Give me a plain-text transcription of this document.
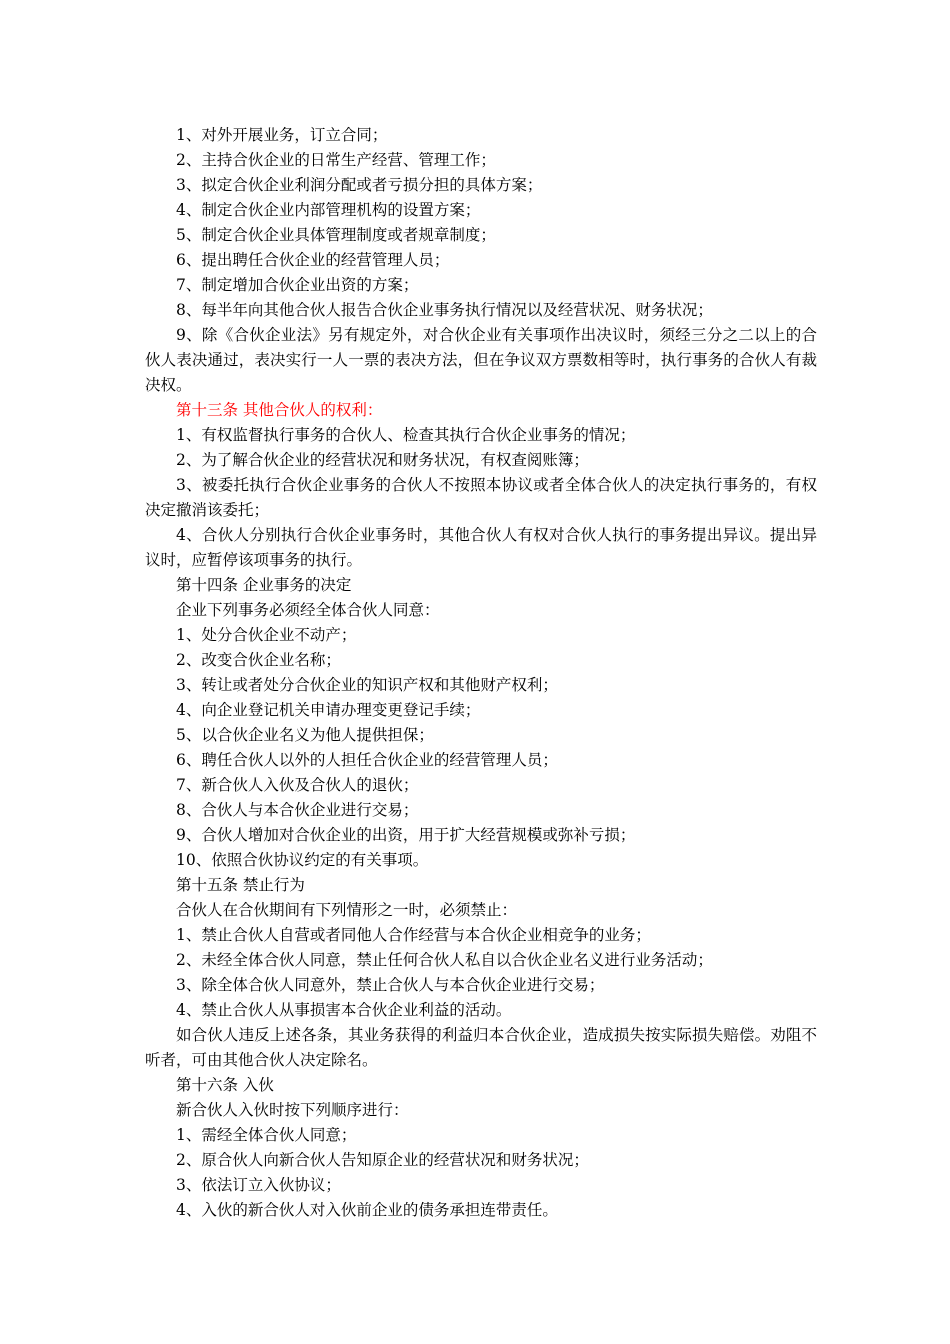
1、对外开展业务，订立合同；

2、主持合伙企业的日常生产经营、管理工作；

3、拟定合伙企业利润分配或者亏损分担的具体方案；

4、制定合伙企业内部管理机构的设置方案；

5、制定合伙企业具体管理制度或者规章制度；

6、提出聘任合伙企业的经营管理人员；

7、制定增加合伙企业出资的方案；

8、每半年向其他合伙人报告合伙企业事务执行情况以及经营状况、财务状况；

9、除《合伙企业法》另有规定外，对合伙企业有关事项作出决议时，须经三分之二以上的合伙人表决通过，表决实行一人一票的表决方法，但在争议双方票数相等时，执行事务的合伙人有裁决权。

第十三条 其他合伙人的权利：

1、有权监督执行事务的合伙人、检查其执行合伙企业事务的情况；

2、为了解合伙企业的经营状况和财务状况，有权查阅账簿；

3、被委托执行合伙企业事务的合伙人不按照本协议或者全体合伙人的决定执行事务的，有权决定撤消该委托；

4、合伙人分别执行合伙企业事务时，其他合伙人有权对合伙人执行的事务提出异议。提出异议时，应暂停该项事务的执行。

第十四条 企业事务的决定

企业下列事务必须经全体合伙人同意：

1、处分合伙企业不动产；

2、改变合伙企业名称；

3、转让或者处分合伙企业的知识产权和其他财产权利；

4、向企业登记机关申请办理变更登记手续；

5、以合伙企业名义为他人提供担保；

6、聘任合伙人以外的人担任合伙企业的经营管理人员；

7、新合伙人入伙及合伙人的退伙；

8、合伙人与本合伙企业进行交易；

9、合伙人增加对合伙企业的出资，用于扩大经营规模或弥补亏损；

10、依照合伙协议约定的有关事项。

第十五条 禁止行为

合伙人在合伙期间有下列情形之一时，必须禁止：

1、禁止合伙人自营或者同他人合作经营与本合伙企业相竞争的业务；

2、未经全体合伙人同意，禁止任何合伙人私自以合伙企业名义进行业务活动；

3、除全体合伙人同意外，禁止合伙人与本合伙企业进行交易；

4、禁止合伙人从事损害本合伙企业利益的活动。

如合伙人违反上述各条，其业务获得的利益归本合伙企业，造成损失按实际损失赔偿。劝阻不听者，可由其他合伙人决定除名。

第十六条 入伙

新合伙人入伙时按下列顺序进行：

1、需经全体合伙人同意；

2、原合伙人向新合伙人告知原企业的经营状况和财务状况；

3、依法订立入伙协议；

4、入伙的新合伙人对入伙前企业的债务承担连带责任。
